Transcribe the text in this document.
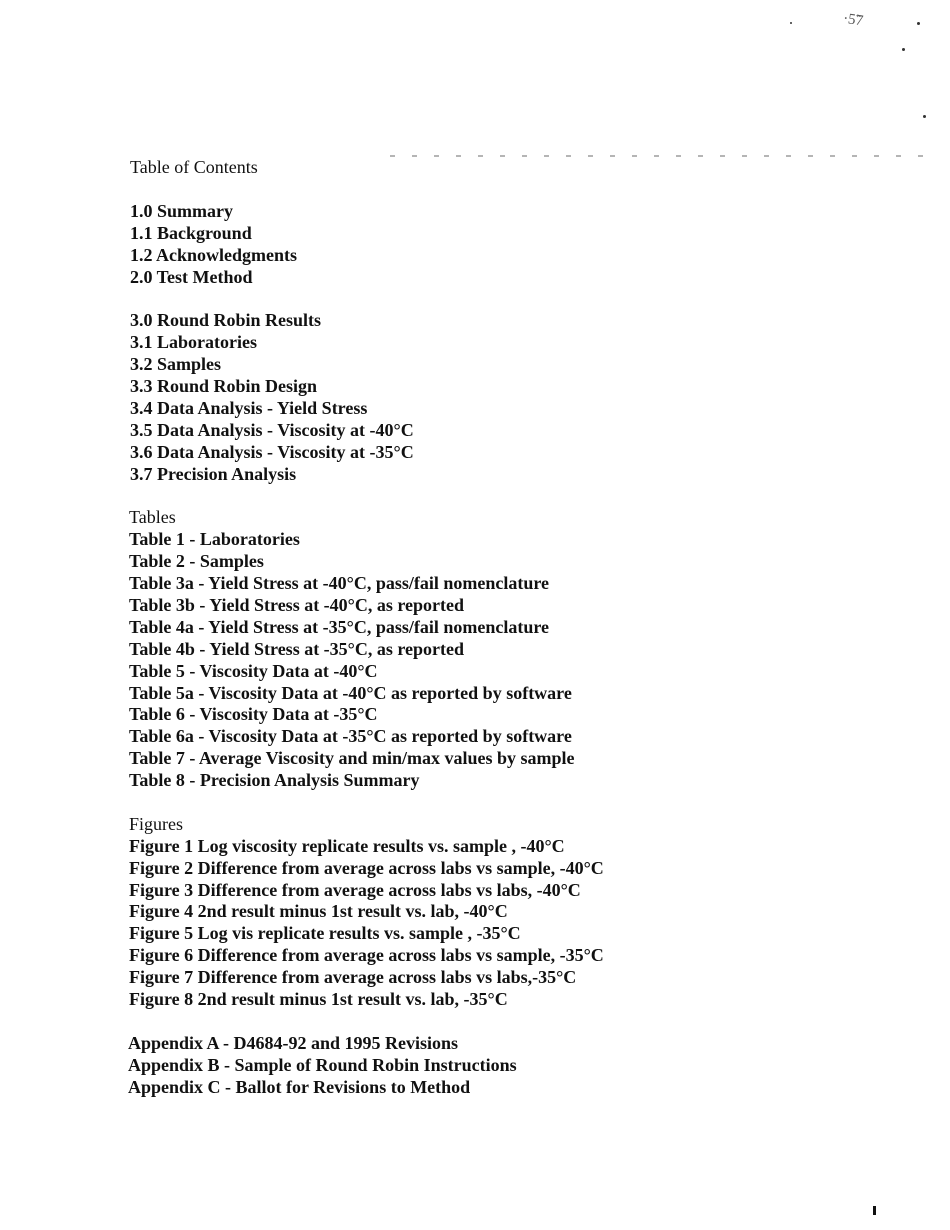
·5̃7
Table of Contents
1.0 Summary
1.1 Background
1.2 Acknowledgments
2.0 Test Method
3.0 Round Robin Results
3.1 Laboratories
3.2 Samples
3.3 Round Robin Design
3.4 Data Analysis - Yield Stress
3.5 Data Analysis - Viscosity at -40°C
3.6 Data Analysis - Viscosity at -35°C
3.7 Precision Analysis
Tables
Table 1 - Laboratories
Table 2 - Samples
Table 3a - Yield Stress at -40°C, pass/fail nomenclature
Table 3b - Yield Stress at -40°C, as reported
Table 4a - Yield Stress at -35°C, pass/fail nomenclature
Table 4b - Yield Stress at -35°C, as reported
Table 5 - Viscosity Data at -40°C
Table 5a - Viscosity Data at -40°C as reported by software
Table 6 - Viscosity Data at -35°C
Table 6a - Viscosity Data at -35°C as reported by software
Table 7 - Average Viscosity and min/max values by sample
Table 8 - Precision Analysis Summary
Figures
Figure 1 Log viscosity replicate results vs. sample , -40°C
Figure 2 Difference from average across labs vs sample, -40°C
Figure 3 Difference from average across labs vs labs, -40°C
Figure 4 2nd result minus 1st result vs. lab, -40°C
Figure 5 Log vis replicate results vs. sample , -35°C
Figure 6 Difference from average across labs vs sample, -35°C
Figure 7 Difference from average across labs vs labs,-35°C
Figure 8 2nd result minus 1st result vs. lab, -35°C
Appendix A - D4684-92 and 1995 Revisions
Appendix B - Sample of Round Robin Instructions
Appendix C - Ballot for Revisions to Method
